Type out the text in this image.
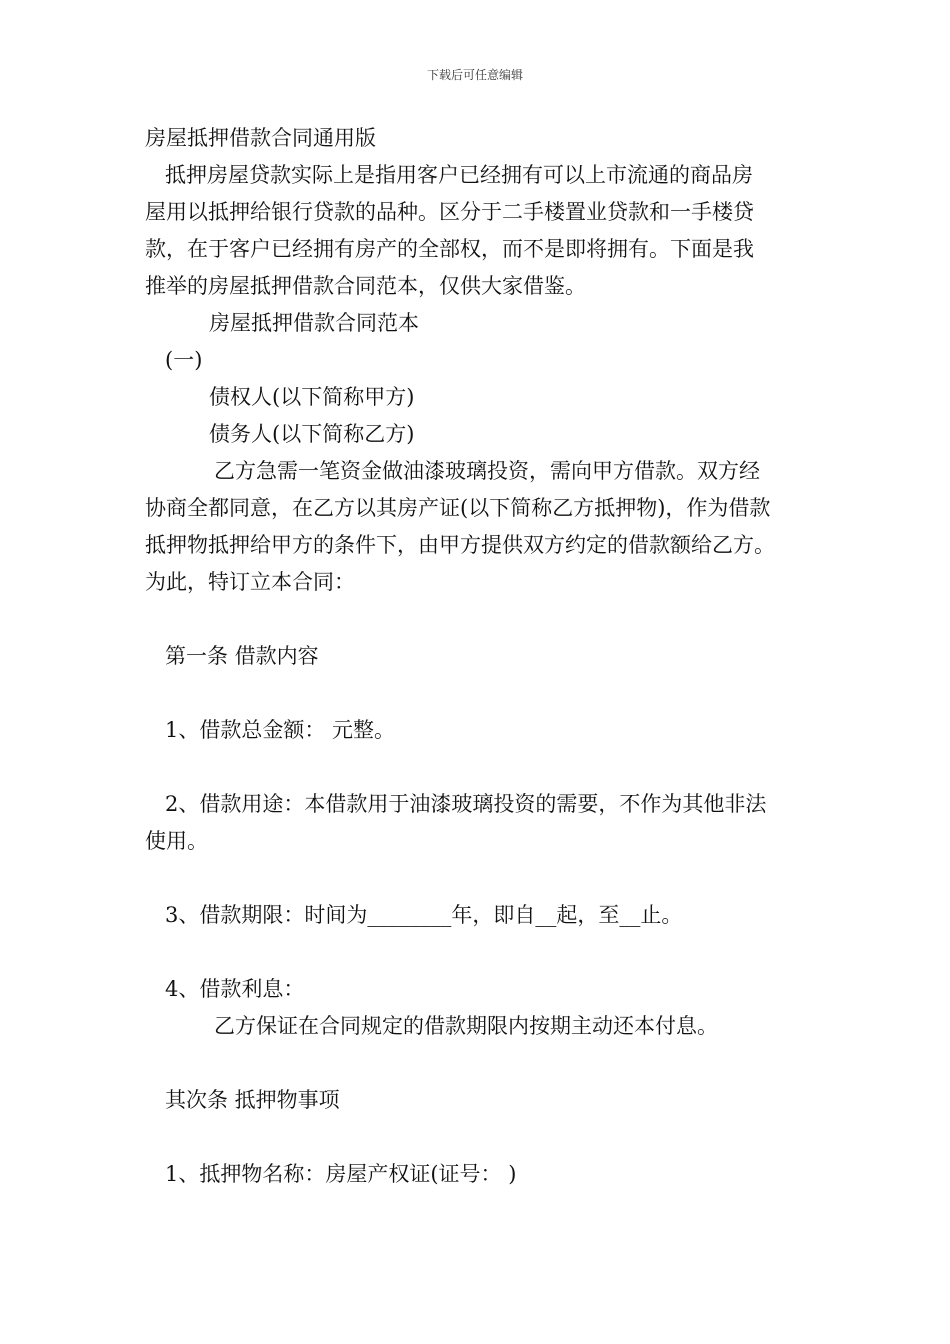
下载后可任意编辑
房屋抵押借款合同通用版
抵押房屋贷款实际上是指用客户已经拥有可以上市流通的商品房
屋用以抵押给银行贷款的品种。区分于二手楼置业贷款和一手楼贷
款，在于客户已经拥有房产的全部权，而不是即将拥有。下面是我
推举的房屋抵押借款合同范本，仅供大家借鉴。
房屋抵押借款合同范本
(一)
债权人(以下简称甲方)
债务人(以下简称乙方)
乙方急需一笔资金做油漆玻璃投资，需向甲方借款。双方经
协商全都同意，在乙方以其房产证(以下简称乙方抵押物)，作为借款
抵押物抵押给甲方的条件下，由甲方提供双方约定的借款额给乙方。
为此，特订立本合同：
第一条 借款内容
1、借款总金额： 元整。
2、借款用途：本借款用于油漆玻璃投资的需要，不作为其他非法
使用。
3、借款期限：时间为________年，即自__起，至__止。
4、借款利息：
乙方保证在合同规定的借款期限内按期主动还本付息。
其次条 抵押物事项
1、抵押物名称：房屋产权证(证号： )
